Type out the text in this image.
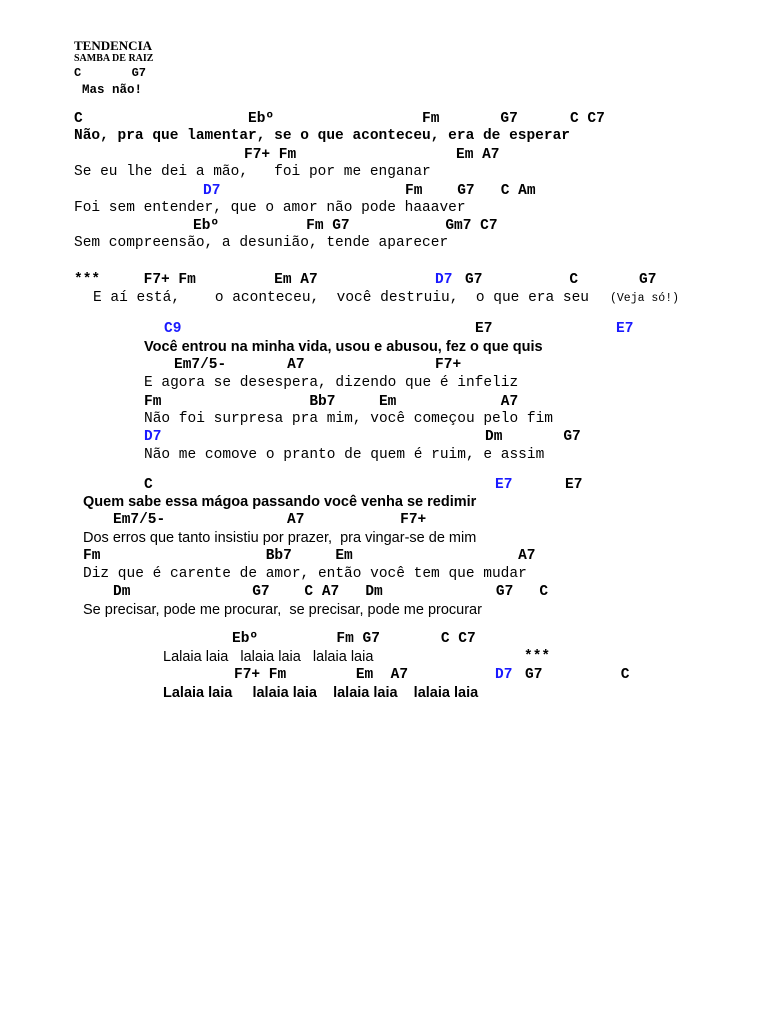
TENDENCIA
SAMBA DE RAIZ
C       G7
Mas não!
C                   Ebº                 Fm       G7      C C7
Não, pra que lamentar, se o que aconteceu, era de esperar
F7+ Fm	Em A7
Se eu lhe dei a mão,   foi por me enganar
D7	Fm    G7   C Am
Foi sem entender, que o amor não pode haaaver
Ebº          Fm G7           Gm7 C7
Sem compreensão, a desunião, tende aparecer
***     F7+ Fm         Em A7	D7 G7          C       G7
E aí está,    o aconteceu,  você destruiu,  o que era seu (Veja só!)
C9	E7	E7
Você entrou na minha vida, usou e abusou, fez o que quis
Em7/5-       A7               F7+
E agora se desespera, dizendo que é infeliz
Fm                 Bb7     Em            A7
Não foi surpresa pra mim, você começou pelo fim
D7	Dm       G7
Não me comove o pranto de quem é ruim, e assim
C	E7	E7
Quem sabe essa mágoa passando você venha se redimir
Em7/5-              A7           F7+
Dos erros que tanto insistiu por prazer,  pra vingar-se de mim
Fm                   Bb7     Em                   A7
Diz que é carente de amor, então você tem que mudar
Dm              G7    C A7   Dm             G7   C
Se precisar, pode me procurar,  se precisar, pode me procurar
Ebº         Fm G7       C C7
Lalaia laia   lalaia laia   lalaia laia	***
F7+ Fm        Em  A7	D7 G7         C
Lalaia laia     lalaia laia    lalaia laia    lalaia laia
